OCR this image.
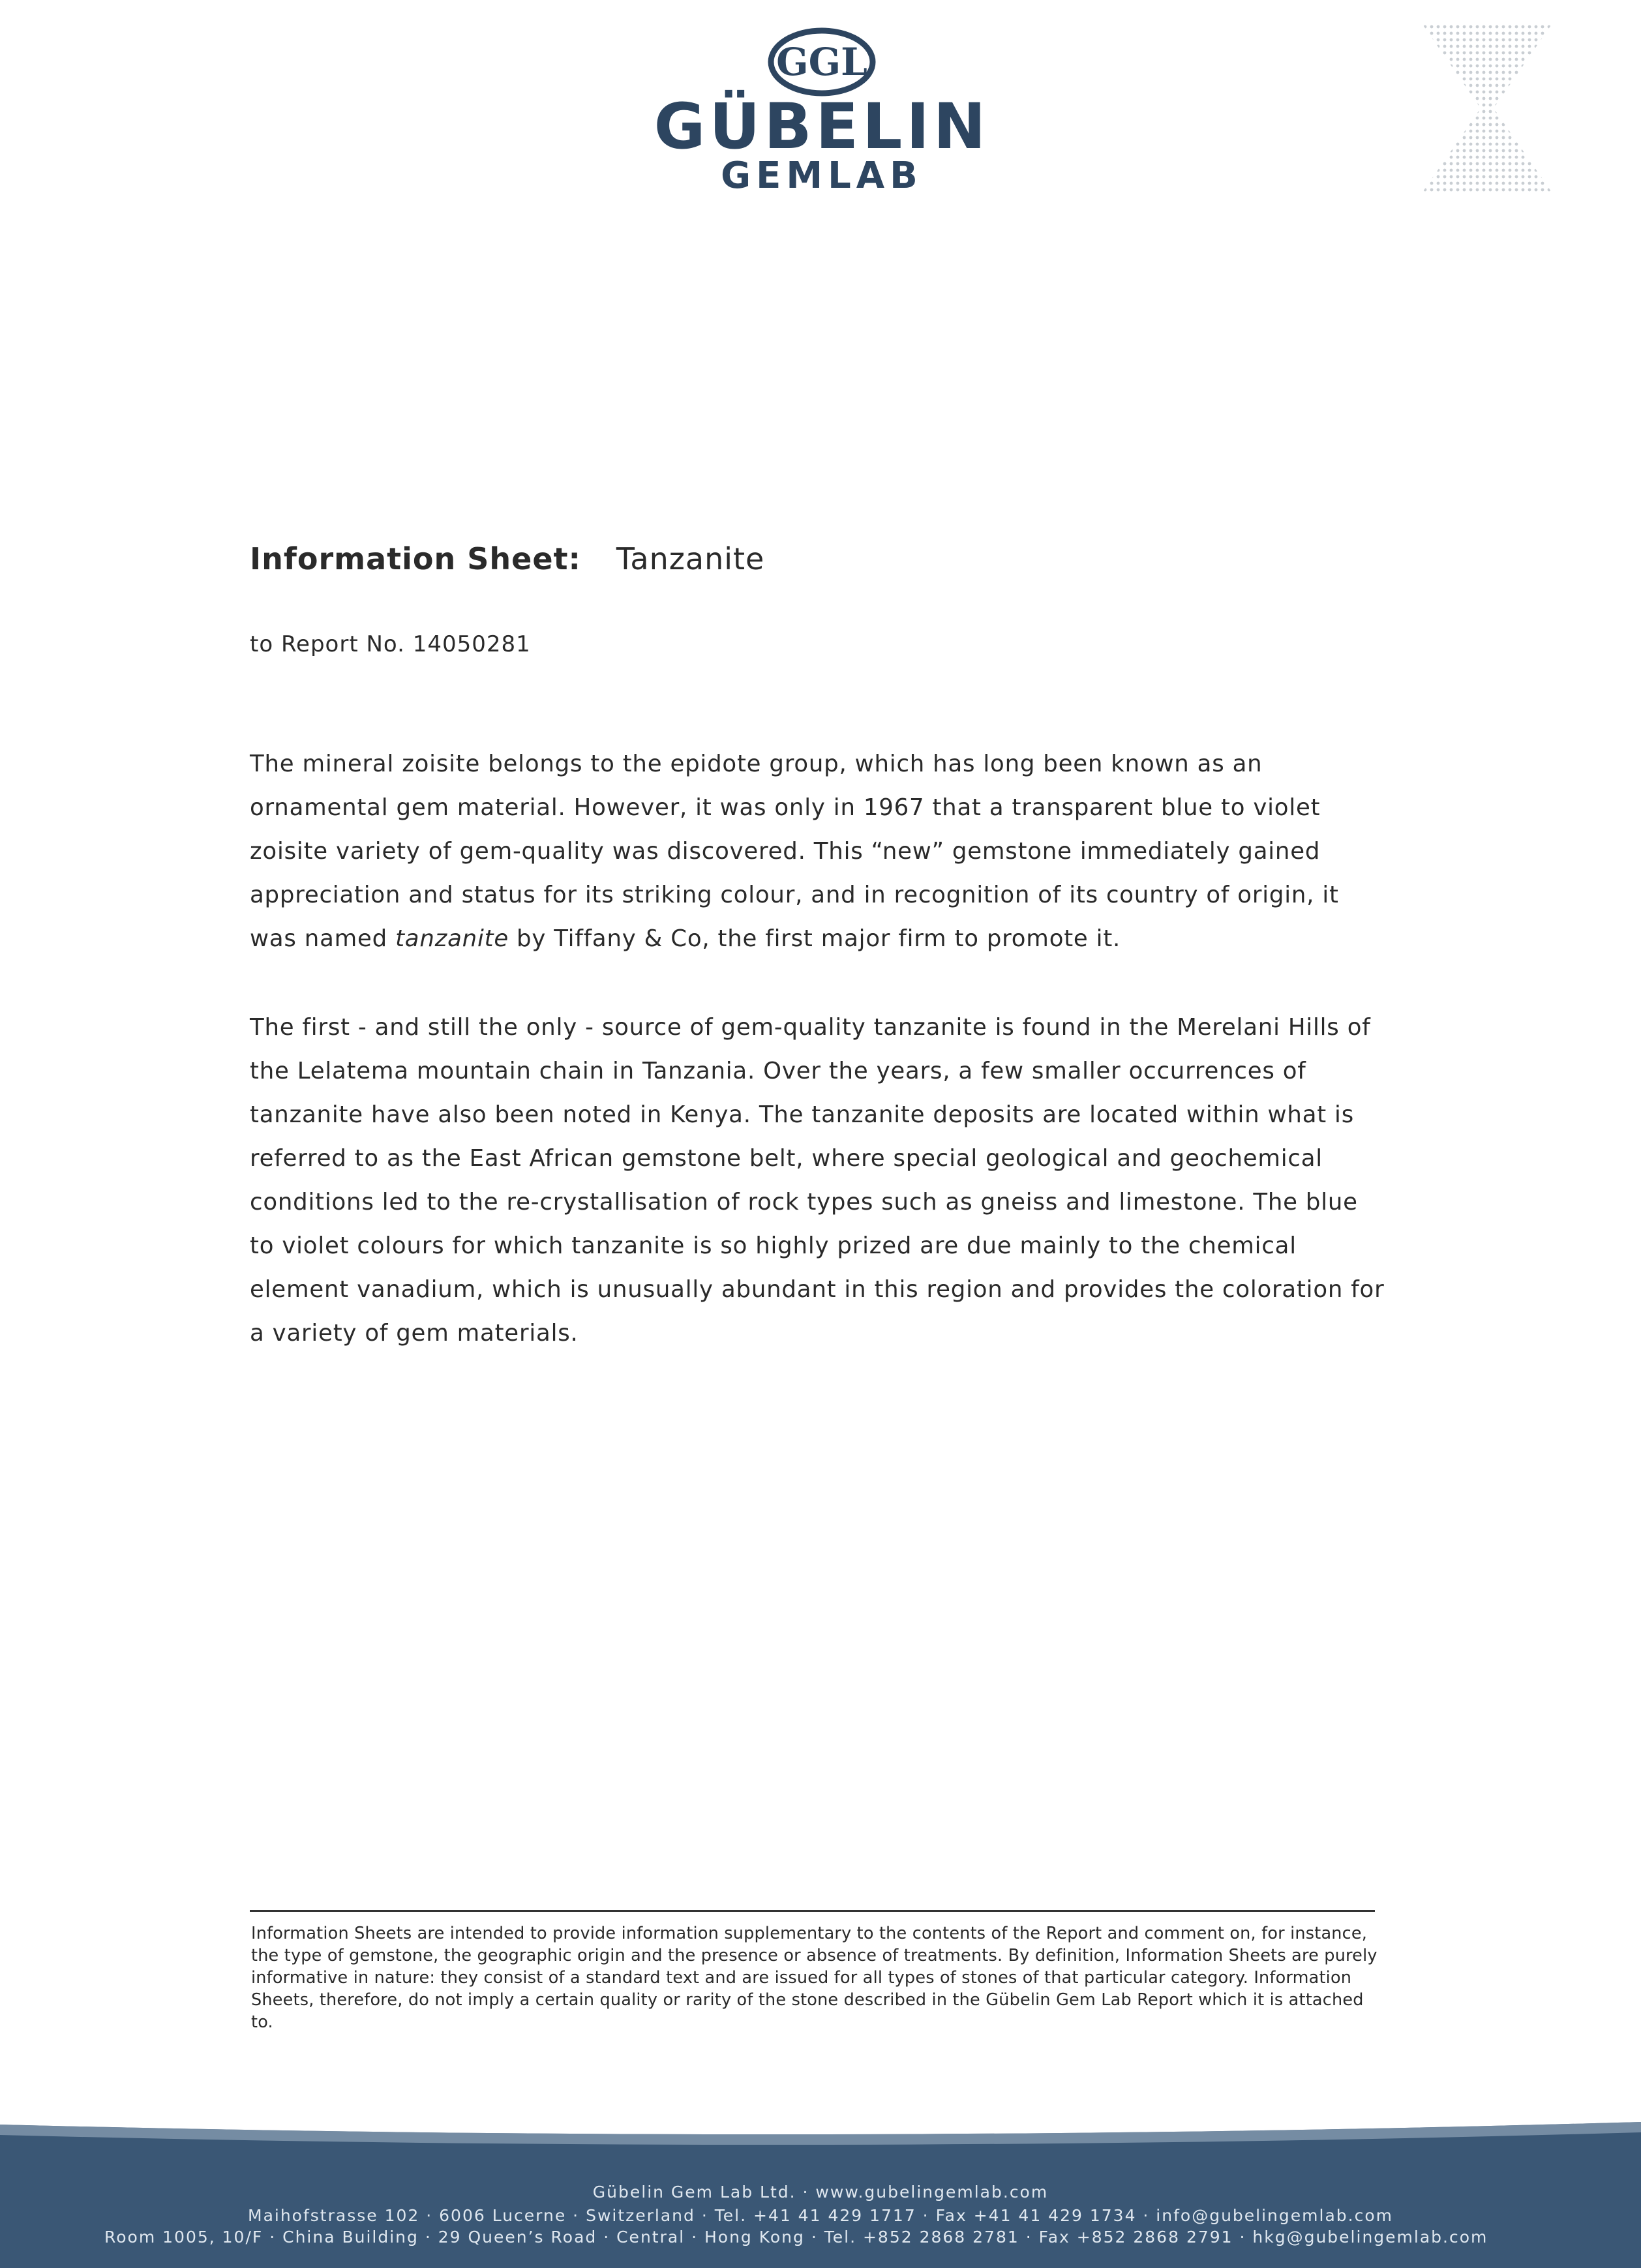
GGL
GÜBELIN
GEMLAB
Information Sheet: Tanzanite
to Report No. 14050281

The mineral zoisite belongs to the epidote group, which has long been known as an ornamental gem material. However, it was only in 1967 that a transparent blue to violet zoisite variety of gem-quality was discovered. This “new” gemstone immediately gained appreciation and status for its striking colour, and in recognition of its country of origin, it was named tanzanite by Tiffany & Co, the first major firm to promote it.

The first - and still the only - source of gem-quality tanzanite is found in the Merelani Hills of the Lelatema mountain chain in Tanzania. Over the years, a few smaller occurrences of tanzanite have also been noted in Kenya. The tanzanite deposits are located within what is referred to as the East African gemstone belt, where special geological and geochemical conditions led to the re-crystallisation of rock types such as gneiss and limestone. The blue to violet colours for which tanzanite is so highly prized are due mainly to the chemical element vanadium, which is unusually abundant in this region and provides the coloration for a variety of gem materials.

Information Sheets are intended to provide information supplementary to the contents of the Report and comment on, for instance, the type of gemstone, the geographic origin and the presence or absence of treatments. By definition, Information Sheets are purely informative in nature: they consist of a standard text and are issued for all types of stones of that particular category. Information Sheets, therefore, do not imply a certain quality or rarity of the stone described in the Gübelin Gem Lab Report which it is attached to.

Gübelin Gem Lab Ltd. · www.gubelingemlab.com
Maihofstrasse 102 · 6006 Lucerne · Switzerland · Tel. +41 41 429 1717 · Fax +41 41 429 1734 · info@gubelingemlab.com
Room 1005, 10/F · China Building · 29 Queen’s Road · Central · Hong Kong · Tel. +852 2868 2781 · Fax +852 2868 2791 · hkg@gubelingemlab.com
